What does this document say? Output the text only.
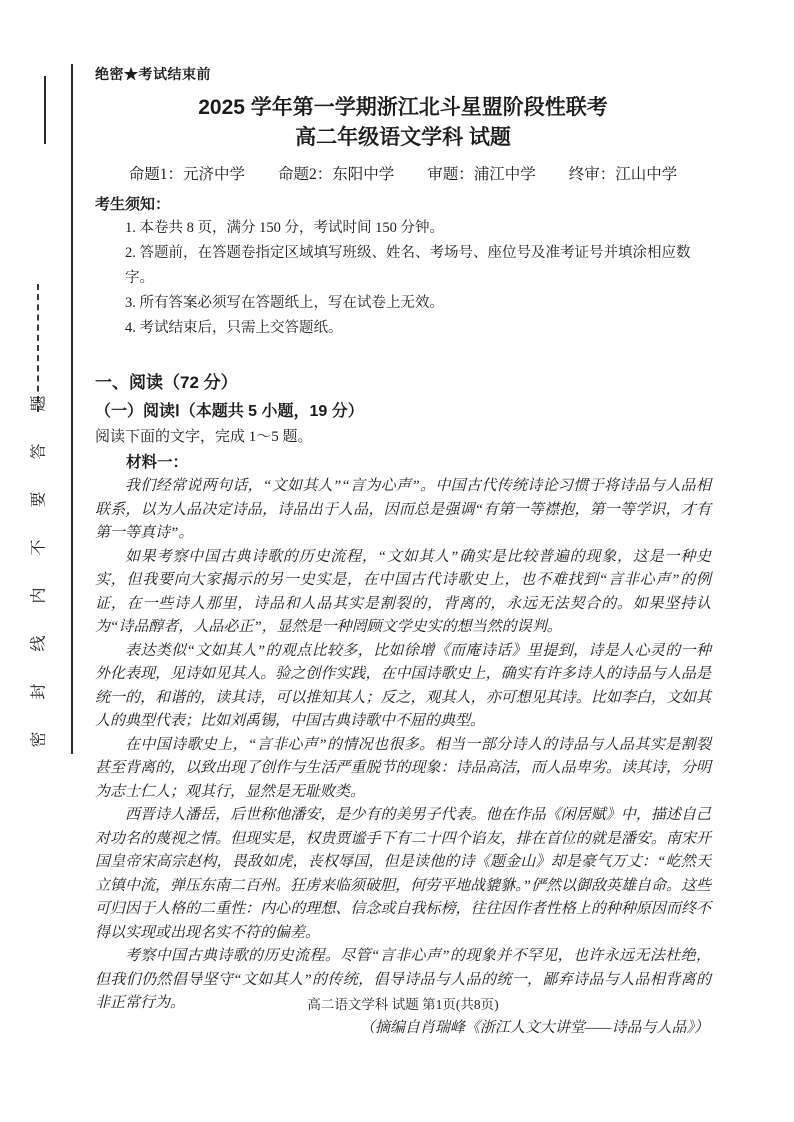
题
答
要
不
内
线
封
密
绝密★考试结束前
2025 学年第一学期浙江北斗星盟阶段性联考
高二年级语文学科 试题
命题1：元济中学 命题2：东阳中学 审题：浦江中学 终审：江山中学
考生须知：
1. 本卷共 8 页，满分 150 分，考试时间 150 分钟。
2. 答题前，在答题卷指定区域填写班级、姓名、考场号、座位号及准考证号并填涂相应数字。
3. 所有答案必须写在答题纸上，写在试卷上无效。
4. 考试结束后，只需上交答题纸。
一、阅读（72 分）
（一）阅读Ⅰ（本题共 5 小题，19 分）
阅读下面的文字，完成 1～5 题。
材料一：

我们经常说两句话，“文如其人”“言为心声”。中国古代传统诗论习惯于将诗品与人品相联系，以为人品决定诗品，诗品出于人品，因而总是强调“有第一等襟抱，第一等学识，才有第一等真诗”。

如果考察中国古典诗歌的历史流程，“文如其人”确实是比较普遍的现象，这是一种史实，但我要向大家揭示的另一史实是，在中国古代诗歌史上，也不难找到“言非心声”的例证，在一些诗人那里，诗品和人品其实是割裂的，背离的，永远无法契合的。如果坚持认为“诗品醇者，人品必正”，显然是一种罔顾文学史实的想当然的误判。

表达类似“文如其人”的观点比较多，比如徐增《而庵诗话》里提到，诗是人心灵的一种外化表现，见诗如见其人。验之创作实践，在中国诗歌史上，确实有许多诗人的诗品与人品是统一的，和谐的，读其诗，可以推知其人；反之，观其人，亦可想见其诗。比如李白，文如其人的典型代表；比如刘禹锡，中国古典诗歌中不屈的典型。

在中国诗歌史上，“言非心声”的情况也很多。相当一部分诗人的诗品与人品其实是割裂甚至背离的，以致出现了创作与生活严重脱节的现象：诗品高洁，而人品卑劣。读其诗，分明为志士仁人；观其行，显然是无耻败类。

西晋诗人潘岳，后世称他潘安，是少有的美男子代表。他在作品《闲居赋》中，描述自己对功名的蔑视之情。但现实是，权贵贾谧手下有二十四个谄友，排在首位的就是潘安。南宋开国皇帝宋高宗赵构，畏敌如虎，丧权辱国，但是读他的诗《题金山》却是豪气万丈：“屹然天立镇中流，弹压东南二百州。狂虏来临须破胆，何劳平地战貔貅。”俨然以御敌英雄自命。这些可归因于人格的二重性：内心的理想、信念或自我标榜，往往因作者性格上的种种原因而终不得以实现或出现名实不符的偏差。

考察中国古典诗歌的历史流程。尽管“言非心声”的现象并不罕见，也许永远无法杜绝，但我们仍然倡导坚守“文如其人”的传统，倡导诗品与人品的统一，鄙弃诗品与人品相背离的非正常行为。

（摘编自肖瑞峰《浙江人文大讲堂——诗品与人品》）
高二语文学科 试题 第1页(共8页)
